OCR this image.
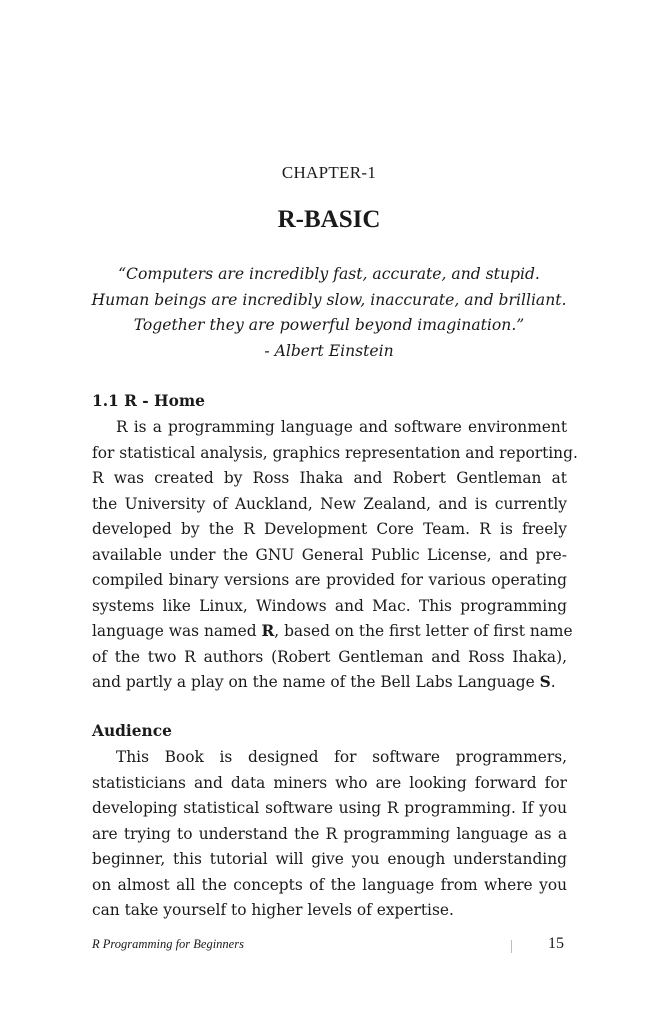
CHAPTER-1
R-BASIC
“Computers are incredibly fast, accurate, and stupid.
Human beings are incredibly slow, inaccurate, and brilliant.
Together they are powerful beyond imagination.”
- Albert Einstein
1.1 R - Home
R is a programming language and software environment
for statistical analysis, graphics representation and reporting.
R was created by Ross Ihaka and Robert Gentleman at
the University of Auckland, New Zealand, and is currently
developed by the R Development Core Team. R is freely
available under the GNU General Public License, and pre-
compiled binary versions are provided for various operating
systems like Linux, Windows and Mac. This programming
language was named R, based on the first letter of first name
of the two R authors (Robert Gentleman and Ross Ihaka),
and partly a play on the name of the Bell Labs Language S.
Audience
This Book is designed for software programmers,
statisticians and data miners who are looking forward for
developing statistical software using R programming. If you
are trying to understand the R programming language as a
beginner, this tutorial will give you enough understanding
on almost all the concepts of the language from where you
can take yourself to higher levels of expertise.
R Programming for Beginners	15
